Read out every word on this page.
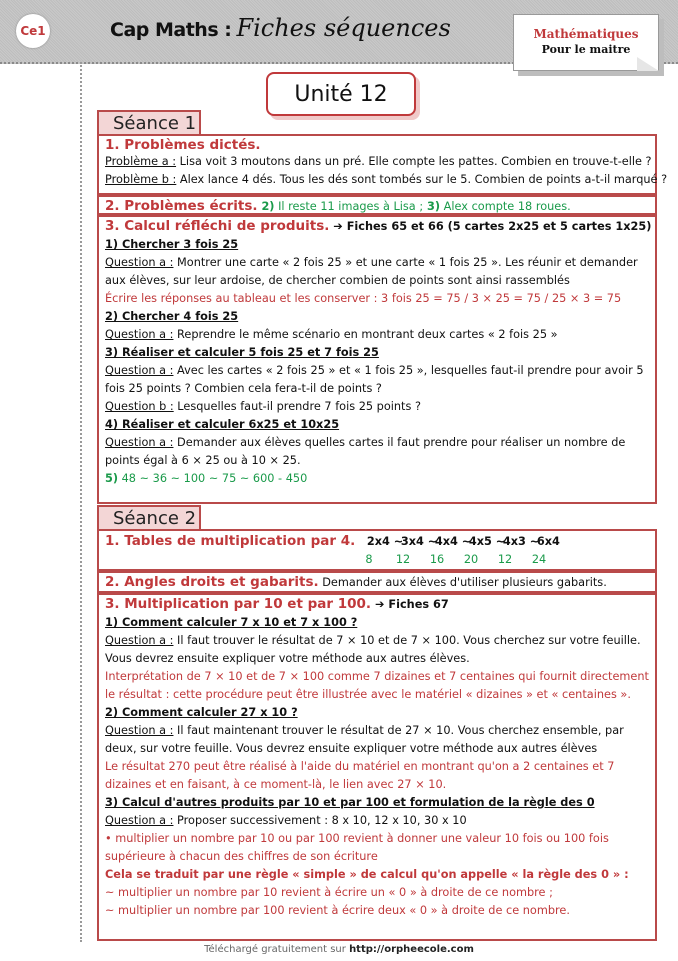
Ce1	Cap Maths : Fiches séquences	Mathématiques
Pour le maitre
Unité 12
Séance 1
1. Problèmes dictés.
Problème a : Lisa voit 3 moutons dans un pré. Elle compte les pattes. Combien en trouve-t-elle ?
Problème b : Alex lance 4 dés. Tous les dés sont tombés sur le 5. Combien de points a-t-il marqué ?
2. Problèmes écrits. 2) Il reste 11 images à Lisa ; 3) Alex compte 18 roues.
3. Calcul réfléchi de produits. ➔ Fiches 65 et 66 (5 cartes 2x25 et 5 cartes 1x25)
1) Chercher 3 fois 25
Question a : Montrer une carte « 2 fois 25 » et une carte « 1 fois 25 ». Les réunir et demander aux élèves, sur leur ardoise, de chercher combien de points sont ainsi rassemblés
Écrire les réponses au tableau et les conserver : 3 fois 25 = 75 / 3 × 25 = 75 / 25 × 3 = 75
2) Chercher 4 fois 25
Question a : Reprendre le même scénario en montrant deux cartes « 2 fois 25 »
3) Réaliser et calculer 5 fois 25 et 7 fois 25
Question a : Avec les cartes « 2 fois 25 » et « 1 fois 25 », lesquelles faut-il prendre pour avoir 5 fois 25 points ? Combien cela fera-t-il de points ?
Question b : Lesquelles faut-il prendre 7 fois 25 points ?
4) Réaliser et calculer 6x25 et 10x25
Question a : Demander aux élèves quelles cartes il faut prendre pour réaliser un nombre de points égal à 6 × 25 ou à 10 × 25.
5) 48 ~ 36 ~ 100 ~ 75 ~ 600 - 450
Séance 2
1. Tables de multiplication par 4. 2x4 ~3x4 ~4x4 ~4x5 ~4x3 ~6x4
8 12 16 20 12 24
2. Angles droits et gabarits. Demander aux élèves d'utiliser plusieurs gabarits.
3. Multiplication par 10 et par 100. ➔ Fiches 67
1) Comment calculer 7 x 10 et 7 x 100 ?
Question a : Il faut trouver le résultat de 7 × 10 et de 7 × 100. Vous cherchez sur votre feuille. Vous devrez ensuite expliquer votre méthode aux autres élèves.
Interprétation de 7 × 10 et de 7 × 100 comme 7 dizaines et 7 centaines qui fournit directement le résultat : cette procédure peut être illustrée avec le matériel « dizaines » et « centaines ».
2) Comment calculer 27 x 10 ?
Question a : Il faut maintenant trouver le résultat de 27 × 10. Vous cherchez ensemble, par deux, sur votre feuille. Vous devrez ensuite expliquer votre méthode aux autres élèves
Le résultat 270 peut être réalisé à l'aide du matériel en montrant qu'on a 2 centaines et 7 dizaines et en faisant, à ce moment-là, le lien avec 27 × 10.
3) Calcul d'autres produits par 10 et par 100 et formulation de la règle des 0
Question a : Proposer successivement : 8 x 10, 12 x 10, 30 x 10
• multiplier un nombre par 10 ou par 100 revient à donner une valeur 10 fois ou 100 fois supérieure à chacun des chiffres de son écriture
Cela se traduit par une règle « simple » de calcul qu'on appelle « la règle des 0 » :
~ multiplier un nombre par 10 revient à écrire un « 0 » à droite de ce nombre ;
~ multiplier un nombre par 100 revient à écrire deux « 0 » à droite de ce nombre.
Téléchargé gratuitement sur http://orpheecole.com
